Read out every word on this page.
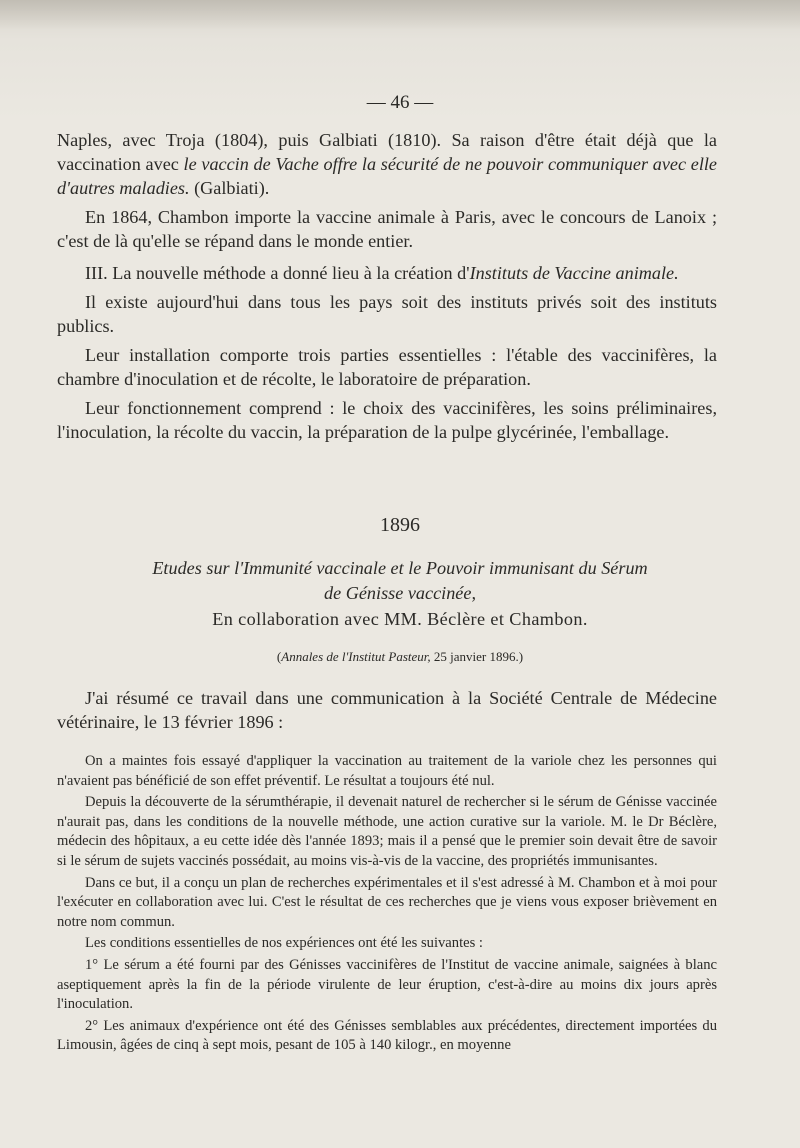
— 46 —

Naples, avec Troja (1804), puis Galbiati (1810). Sa raison d'être était déjà que la vaccination avec le vaccin de Vache offre la sécurité de ne pouvoir communiquer avec elle d'autres maladies. (Galbiati).

En 1864, Chambon importe la vaccine animale à Paris, avec le concours de Lanoix ; c'est de là qu'elle se répand dans le monde entier.

III. La nouvelle méthode a donné lieu à la création d'Instituts de Vaccine animale.

Il existe aujourd'hui dans tous les pays soit des instituts privés soit des instituts publics.

Leur installation comporte trois parties essentielles : l'étable des vaccinifères, la chambre d'inoculation et de récolte, le laboratoire de préparation.

Leur fonctionnement comprend : le choix des vaccinifères, les soins préliminaires, l'inoculation, la récolte du vaccin, la préparation de la pulpe glycérinée, l'emballage.

1896
Etudes sur l'Immunité vaccinale et le Pouvoir immunisant du Sérum
de Génisse vaccinée,
En collaboration avec MM. Béclère et Chambon.
(Annales de l'Institut Pasteur, 25 janvier 1896.)

J'ai résumé ce travail dans une communication à la Société Centrale de Médecine vétérinaire, le 13 février 1896 :

On a maintes fois essayé d'appliquer la vaccination au traitement de la variole chez les personnes qui n'avaient pas bénéficié de son effet préventif. Le résultat a toujours été nul.

Depuis la découverte de la sérumthérapie, il devenait naturel de rechercher si le sérum de Génisse vaccinée n'aurait pas, dans les conditions de la nouvelle méthode, une action curative sur la variole. M. le Dr Béclère, médecin des hôpitaux, a eu cette idée dès l'année 1893; mais il a pensé que le premier soin devait être de savoir si le sérum de sujets vaccinés possédait, au moins vis-à-vis de la vaccine, des propriétés immunisantes.

Dans ce but, il a conçu un plan de recherches expérimentales et il s'est adressé à M. Chambon et à moi pour l'exécuter en collaboration avec lui. C'est le résultat de ces recherches que je viens vous exposer brièvement en notre nom commun.

Les conditions essentielles de nos expériences ont été les suivantes :

1° Le sérum a été fourni par des Génisses vaccinifères de l'Institut de vaccine animale, saignées à blanc aseptiquement après la fin de la période virulente de leur éruption, c'est-à-dire au moins dix jours après l'inoculation.

2° Les animaux d'expérience ont été des Génisses semblables aux précédentes, directement importées du Limousin, âgées de cinq à sept mois, pesant de 105 à 140 kilogr., en moyenne
